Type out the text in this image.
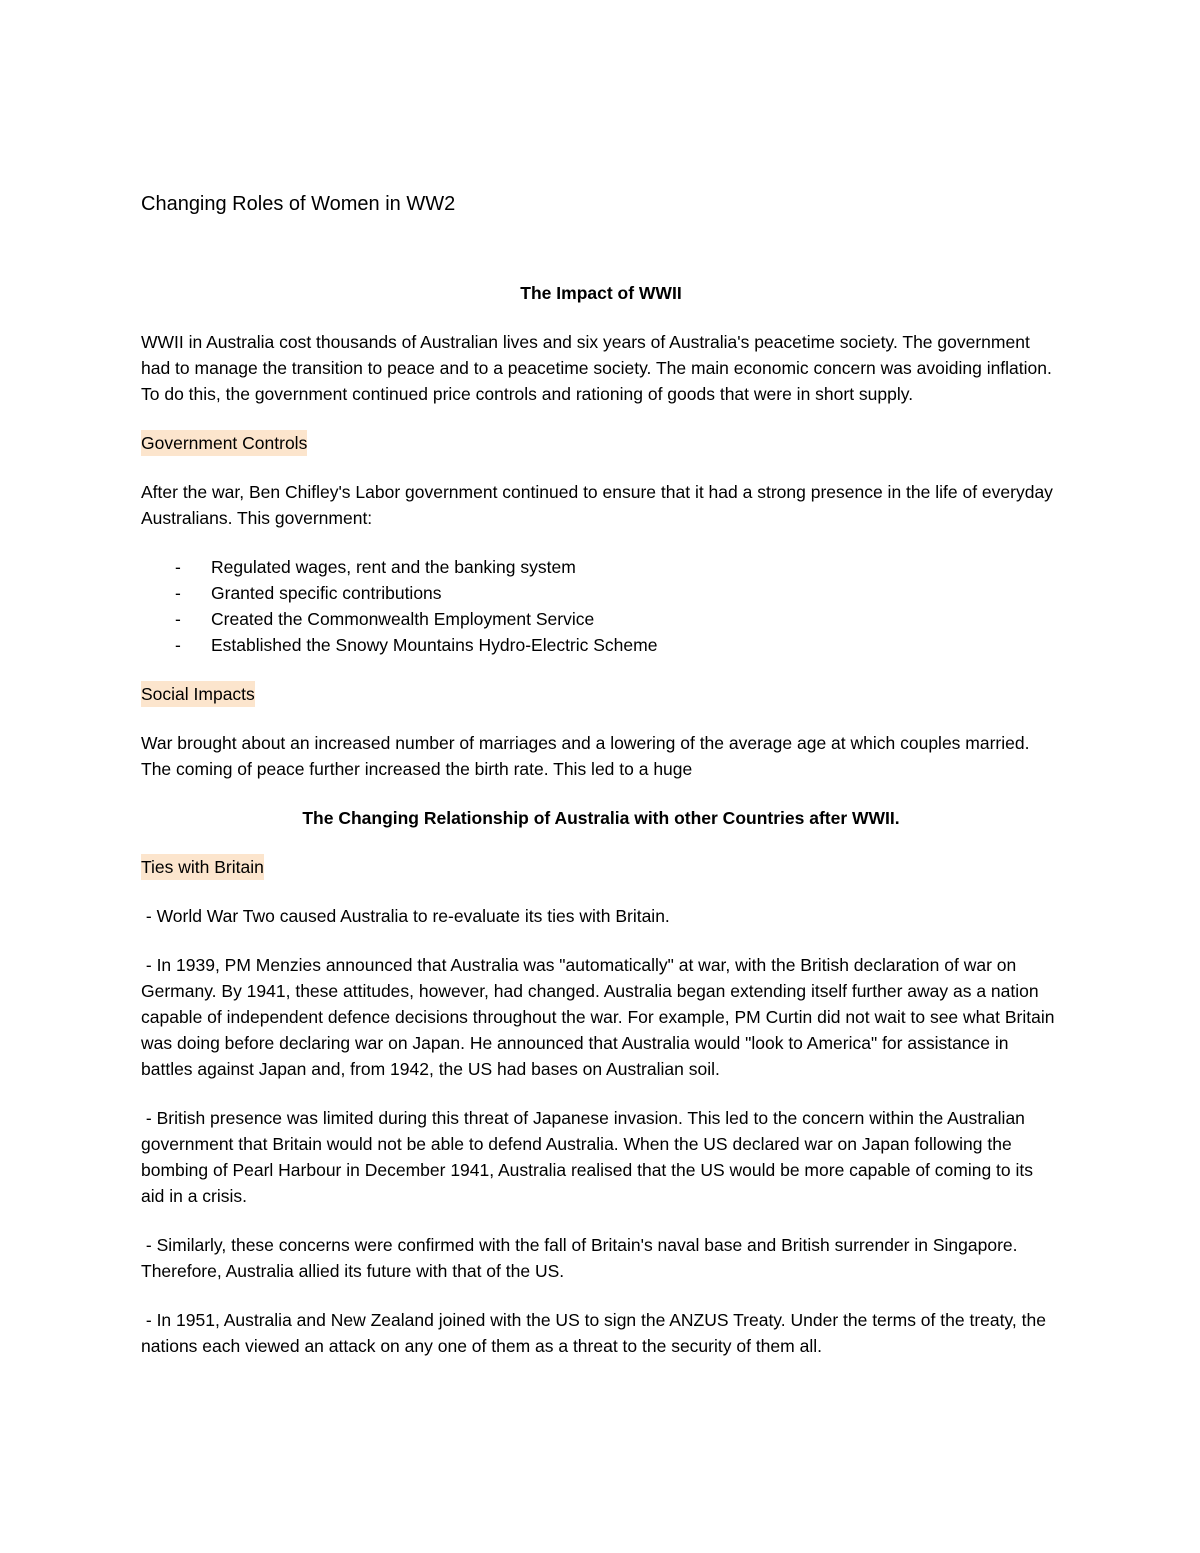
Changing Roles of Women in WW2
The Impact of WWII

WWII in Australia cost thousands of Australian lives and six years of Australia's peacetime society. The government had to manage the transition to peace and to a peacetime society. The main economic concern was avoiding inflation. To do this, the government continued price controls and rationing of goods that were in short supply.

Government Controls

After the war, Ben Chifley's Labor government continued to ensure that it had a strong presence in the life of everyday Australians. This government:

- Regulated wages, rent and the banking system
- Granted specific contributions
- Created the Commonwealth Employment Service
- Established the Snowy Mountains Hydro-Electric Scheme
Social Impacts

War brought about an increased number of marriages and a lowering of the average age at which couples married. The coming of peace further increased the birth rate. This led to a huge

The Changing Relationship of Australia with other Countries after WWII.
Ties with Britain

- World War Two caused Australia to re-evaluate its ties with Britain.

- In 1939, PM Menzies announced that Australia was "automatically" at war, with the British declaration of war on Germany. By 1941, these attitudes, however, had changed. Australia began extending itself further away as a nation capable of independent defence decisions throughout the war. For example, PM Curtin did not wait to see what Britain was doing before declaring war on Japan. He announced that Australia would "look to America" for assistance in battles against Japan and, from 1942, the US had bases on Australian soil.

- British presence was limited during this threat of Japanese invasion. This led to the concern within the Australian government that Britain would not be able to defend Australia. When the US declared war on Japan following the bombing of Pearl Harbour in December 1941, Australia realised that the US would be more capable of coming to its aid in a crisis.

- Similarly, these concerns were confirmed with the fall of Britain's naval base and British surrender in Singapore. Therefore, Australia allied its future with that of the US.

- In 1951, Australia and New Zealand joined with the US to sign the ANZUS Treaty. Under the terms of the treaty, the nations each viewed an attack on any one of them as a threat to the security of them all.
